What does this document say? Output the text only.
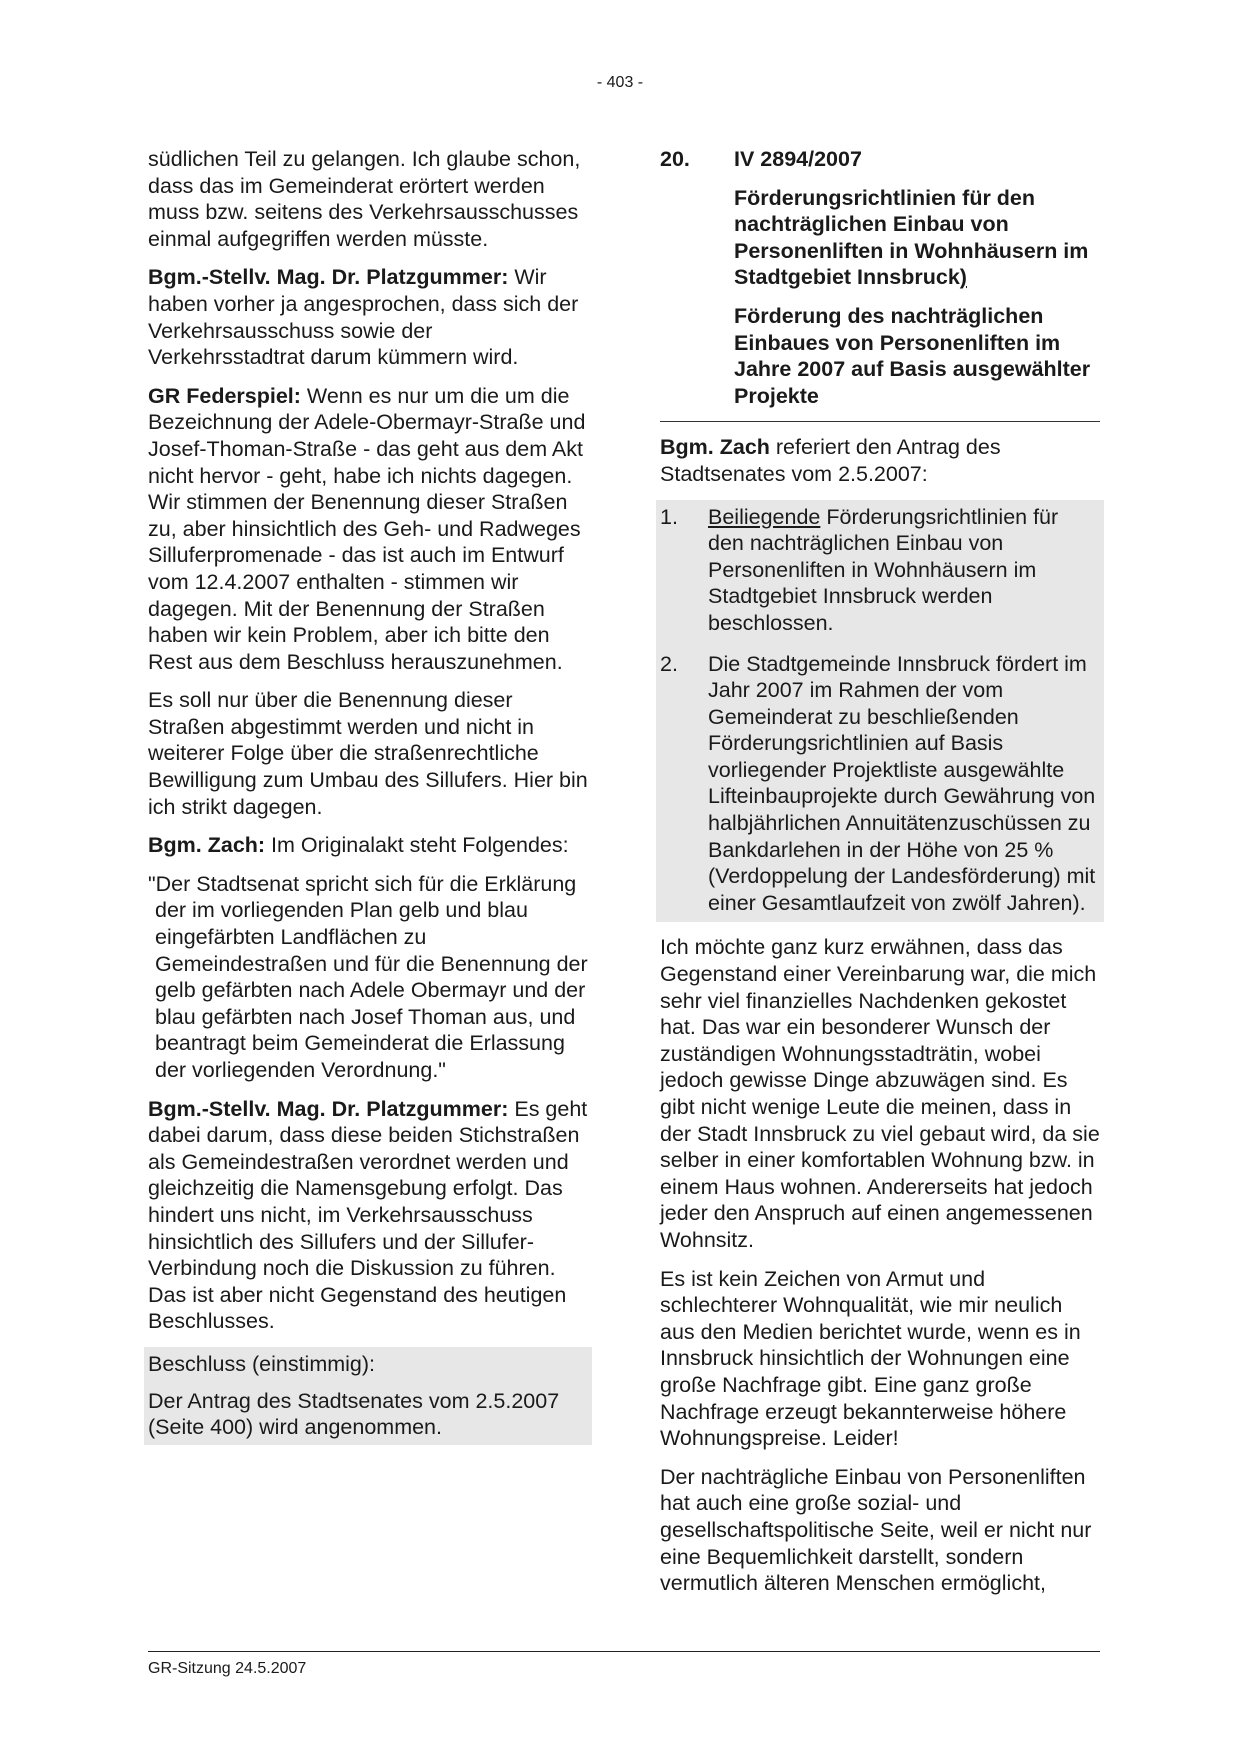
- 403 -

südlichen Teil zu gelangen. Ich glaube schon, dass das im Gemeinderat erörtert werden muss bzw. seitens des Verkehrsausschusses einmal aufgegriffen werden müsste.

Bgm.-Stellv. Mag. Dr. Platzgummer: Wir haben vorher ja angesprochen, dass sich der Verkehrsausschuss sowie der Verkehrsstadtrat darum kümmern wird.

GR Federspiel: Wenn es nur um die um die Bezeichnung der Adele-Obermayr-Straße und Josef-Thoman-Straße - das geht aus dem Akt nicht hervor - geht, habe ich nichts dagegen. Wir stimmen der Benennung dieser Straßen zu, aber hinsichtlich des Geh- und Radweges Silluferpromenade - das ist auch im Entwurf vom 12.4.2007 enthalten - stimmen wir dagegen. Mit der Benennung der Straßen haben wir kein Problem, aber ich bitte den Rest aus dem Beschluss herauszunehmen.

Es soll nur über die Benennung dieser Straßen abgestimmt werden und nicht in weiterer Folge über die straßenrechtliche Bewilligung zum Umbau des Sillufers. Hier bin ich strikt dagegen.

Bgm. Zach: Im Originalakt steht Folgendes:

"Der Stadtsenat spricht sich für die Erklärung der im vorliegenden Plan gelb und blau eingefärbten Landflächen zu Gemeindestraßen und für die Benennung der gelb gefärbten nach Adele Obermayr und der blau gefärbten nach Josef Thoman aus, und beantragt beim Gemeinderat die Erlassung der vorliegenden Verordnung."

Bgm.-Stellv. Mag. Dr. Platzgummer: Es geht dabei darum, dass diese beiden Stichstraßen als Gemeindestraßen verordnet werden und gleichzeitig die Namensgebung erfolgt. Das hindert uns nicht, im Verkehrsausschuss hinsichtlich des Sillufers und der Sillufer-Verbindung noch die Diskussion zu führen. Das ist aber nicht Gegenstand des heutigen Beschlusses.

Beschluss (einstimmig):

Der Antrag des Stadtsenates vom 2.5.2007 (Seite 400) wird angenommen.

20.	IV 2894/2007
Förderungsrichtlinien für den nachträglichen Einbau von Personenliften in Wohnhäusern im Stadtgebiet Innsbruck)
Förderung des nachträglichen Einbaues von Personenliften im Jahre 2007 auf Basis ausgewählter Projekte

Bgm. Zach referiert den Antrag des Stadtsenates vom 2.5.2007:

1.	Beiliegende Förderungsrichtlinien für den nachträglichen Einbau von Personenliften in Wohnhäusern im Stadtgebiet Innsbruck werden beschlossen.
2.	Die Stadtgemeinde Innsbruck fördert im Jahr 2007 im Rahmen der vom Gemeinderat zu beschließenden Förderungsrichtlinien auf Basis vorliegender Projektliste ausgewählte Lifteinbauprojekte durch Gewährung von halbjährlichen Annuitätenzuschüssen zu Bankdarlehen in der Höhe von 25 % (Verdoppelung der Landesförderung) mit einer Gesamtlaufzeit von zwölf Jahren).

Ich möchte ganz kurz erwähnen, dass das Gegenstand einer Vereinbarung war, die mich sehr viel finanzielles Nachdenken gekostet hat. Das war ein besonderer Wunsch der zuständigen Wohnungsstadträtin, wobei jedoch gewisse Dinge abzuwägen sind. Es gibt nicht wenige Leute die meinen, dass in der Stadt Innsbruck zu viel gebaut wird, da sie selber in einer komfortablen Wohnung bzw. in einem Haus wohnen. Andererseits hat jedoch jeder den Anspruch auf einen angemessenen Wohnsitz.

Es ist kein Zeichen von Armut und schlechterer Wohnqualität, wie mir neulich aus den Medien berichtet wurde, wenn es in Innsbruck hinsichtlich der Wohnungen eine große Nachfrage gibt. Eine ganz große Nachfrage erzeugt bekannterweise höhere Wohnungspreise. Leider!

Der nachträgliche Einbau von Personenliften hat auch eine große sozial- und gesellschaftspolitische Seite, weil er nicht nur eine Bequemlichkeit darstellt, sondern vermutlich älteren Menschen ermöglicht,

GR-Sitzung 24.5.2007
